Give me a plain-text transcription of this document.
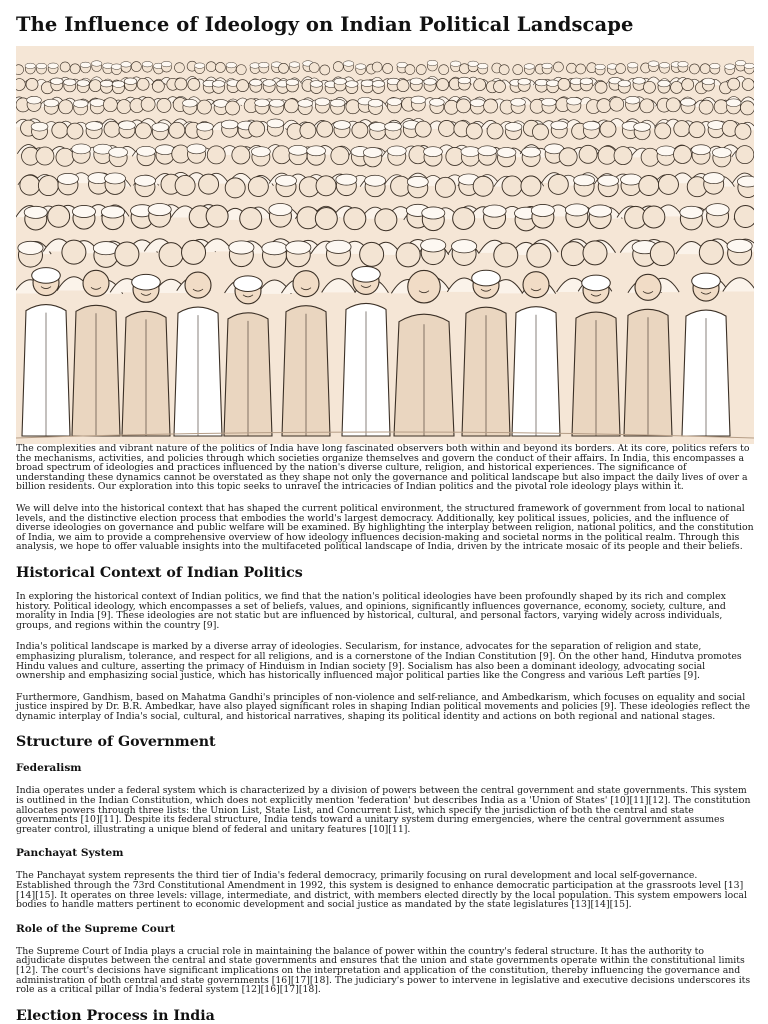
The Influence of Ideology on Indian Political Landscape

The complexities and vibrant nature of the politics of India have long fascinated observers both within and beyond its borders. At its core, politics refers to the mechanisms, activities, and policies through which societies organize themselves and govern the conduct of their affairs. In India, this encompasses a broad spectrum of ideologies and practices influenced by the nation's diverse culture, religion, and historical experiences. The significance of understanding these dynamics cannot be overstated as they shape not only the governance and political landscape but also impact the daily lives of over a billion residents. Our exploration into this topic seeks to unravel the intricacies of Indian politics and the pivotal role ideology plays within it.

We will delve into the historical context that has shaped the current political environment, the structured framework of government from local to national levels, and the distinctive election process that embodies the world's largest democracy. Additionally, key political issues, policies, and the influence of diverse ideologies on governance and public welfare will be examined. By highlighting the interplay between religion, national politics, and the constitution of India, we aim to provide a comprehensive overview of how ideology influences decision-making and societal norms in the political realm. Through this analysis, we hope to offer valuable insights into the multifaceted political landscape of India, driven by the intricate mosaic of its people and their beliefs.

Historical Context of Indian Politics

In exploring the historical context of Indian politics, we find that the nation's political ideologies have been profoundly shaped by its rich and complex history. Political ideology, which encompasses a set of beliefs, values, and opinions, significantly influences governance, economy, society, culture, and morality in India [9]. These ideologies are not static but are influenced by historical, cultural, and personal factors, varying widely across individuals, groups, and regions within the country [9].

India's political landscape is marked by a diverse array of ideologies. Secularism, for instance, advocates for the separation of religion and state, emphasizing pluralism, tolerance, and respect for all religions, and is a cornerstone of the Indian Constitution [9]. On the other hand, Hindutva promotes Hindu values and culture, asserting the primacy of Hinduism in Indian society [9]. Socialism has also been a dominant ideology, advocating social ownership and emphasizing social justice, which has historically influenced major political parties like the Congress and various Left parties [9].

Furthermore, Gandhism, based on Mahatma Gandhi's principles of non-violence and self-reliance, and Ambedkarism, which focuses on equality and social justice inspired by Dr. B.R. Ambedkar, have also played significant roles in shaping Indian political movements and policies [9]. These ideologies reflect the dynamic interplay of India's social, cultural, and historical narratives, shaping its political identity and actions on both regional and national stages.

Structure of Government
Federalism

India operates under a federal system which is characterized by a division of powers between the central government and state governments. This system is outlined in the Indian Constitution, which does not explicitly mention 'federation' but describes India as a 'Union of States' [10][11][12]. The constitution allocates powers through three lists: the Union List, State List, and Concurrent List, which specify the jurisdiction of both the central and state governments [10][11]. Despite its federal structure, India tends toward a unitary system during emergencies, where the central government assumes greater control, illustrating a unique blend of federal and unitary features [10][11].

Panchayat System

The Panchayat system represents the third tier of India's federal democracy, primarily focusing on rural development and local self-governance. Established through the 73rd Constitutional Amendment in 1992, this system is designed to enhance democratic participation at the grassroots level [13][14][15]. It operates on three levels: village, intermediate, and district, with members elected directly by the local population. This system empowers local bodies to handle matters pertinent to economic development and social justice as mandated by the state legislatures [13][14][15].

Role of the Supreme Court

The Supreme Court of India plays a crucial role in maintaining the balance of power within the country's federal structure. It has the authority to adjudicate disputes between the central and state governments and ensures that the union and state governments operate within the constitutional limits [12]. The court's decisions have significant implications on the interpretation and application of the constitution, thereby influencing the governance and administration of both central and state governments [16][17][18]. The judiciary's power to intervene in legislative and executive decisions underscores its role as a critical pillar of India's federal system [12][16][17][18].

Election Process in India
